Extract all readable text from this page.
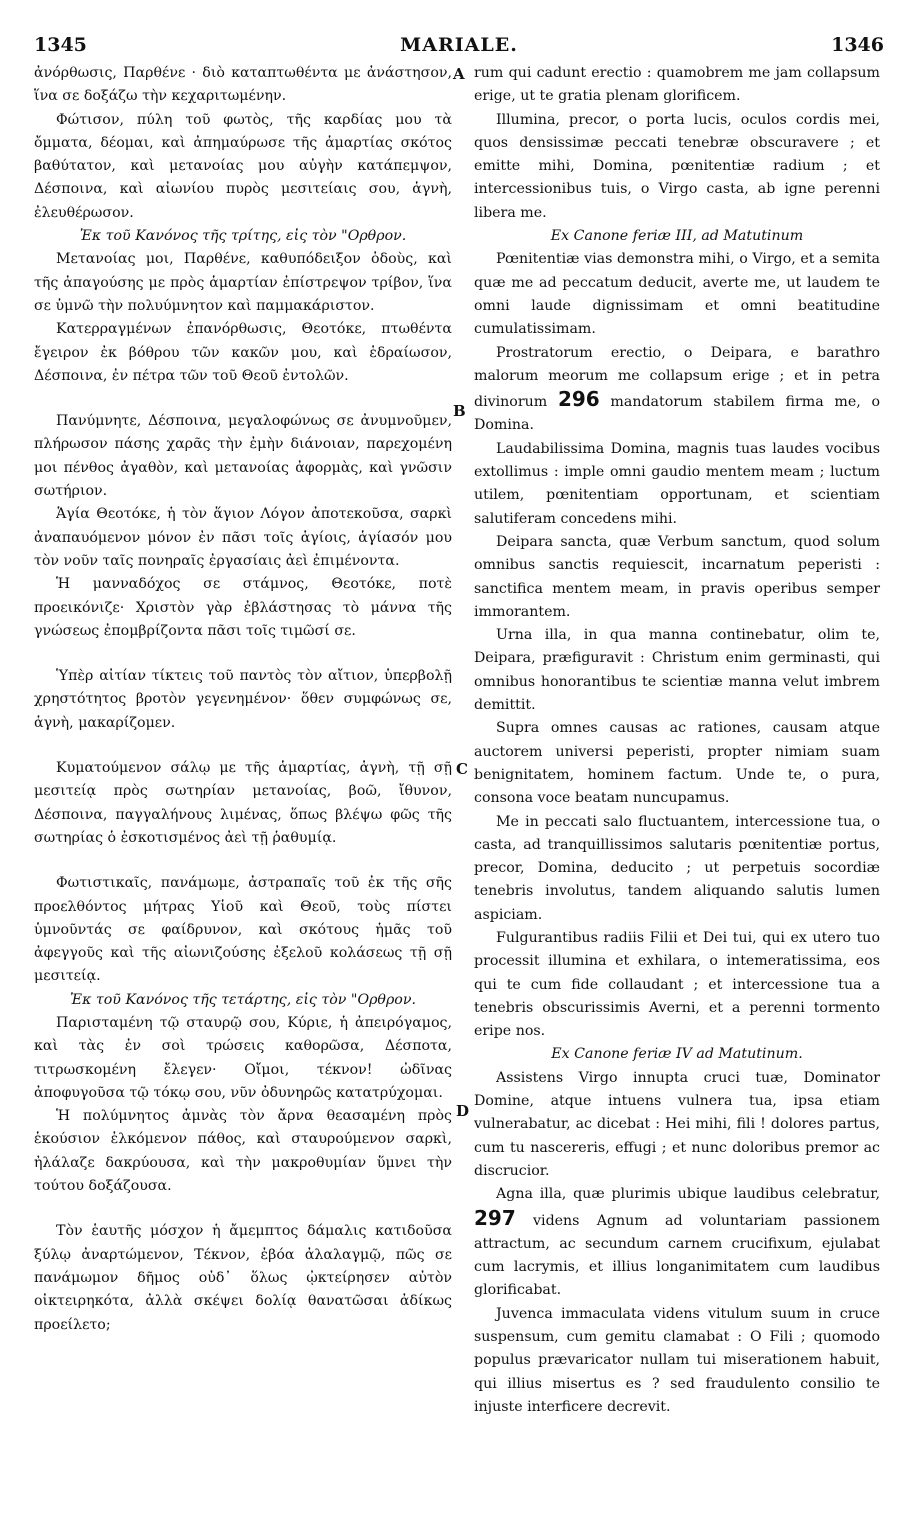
1345	MARIALE.	1346
A
B
C
D

ἀνόρθωσις, Παρθένε · διὸ καταπτωθέντα με ἀνάστησον, ἵνα σε δοξάζω τὴν κεχαριτωμένην.

Φώτισον, πύλη τοῦ φωτὸς, τῆς καρδίας μου τὰ ὄμματα, δέομαι, καὶ ἀπημαύρωσε τῆς ἁμαρτίας σκότος βαθύτατον, καὶ μετανοίας μου αὐγὴν κατάπεμψον, Δέσποινα, καὶ αἰωνίου πυρὸς μεσιτείαις σου, ἁγνὴ, ἐλευθέρωσον.

Ἐκ τοῦ Κανόνος τῆς τρίτης, εἰς τὸν "Ορθρον.

Μετανοίας μοι, Παρθένε, καθυπόδειξον ὁδοὺς, καὶ τῆς ἀπαγούσης με πρὸς ἁμαρτίαν ἐπίστρεψον τρίβον, ἵνα σε ὑμνῶ τὴν πολυύμνητον καὶ παμμακάριστον.

Κατερραγμένων ἐπανόρθωσις, Θεοτόκε, πτωθέντα ἔγειρον ἐκ βόθρου τῶν κακῶν μου, καὶ ἑδραίωσον, Δέσποινα, ἐν πέτρα τῶν τοῦ Θεοῦ ἐντολῶν.

Πανύμνητε, Δέσποινα, μεγαλοφώνως σε ἀνυμνοῦμεν, πλήρωσον πάσης χαρᾶς τὴν ἐμὴν διάνοιαν, παρεχομένη μοι πένθος ἀγαθὸν, καὶ μετανοίας ἀφορμὰς, καὶ γνῶσιν σωτήριον.

Ἁγία Θεοτόκε, ἡ τὸν ἅγιον Λόγον ἀποτεκοῦσα, σαρκὶ ἀναπαυόμενον μόνον ἐν πᾶσι τοῖς ἁγίοις, ἁγίασόν μου τὸν νοῦν ταῖς πονηραῖς ἐργασίαις ἀεὶ ἐπιμένοντα.

Ἡ μανναδόχος σε στάμνος, Θεοτόκε, ποτὲ προεικόνιζε· Χριστὸν γὰρ ἐβλάστησας τὸ μάννα τῆς γνώσεως ἐπομβρίζοντα πᾶσι τοῖς τιμῶσί σε.

Ὑπὲρ αἰτίαν τίκτεις τοῦ παντὸς τὸν αἴτιον, ὑπερβολῇ χρηστότητος βροτὸν γεγενημένον· ὅθεν συμφώνως σε, ἁγνὴ, μακαρίζομεν.

Κυματούμενον σάλῳ με τῆς ἁμαρτίας, ἁγνὴ, τῇ σῇ μεσιτείᾳ πρὸς σωτηρίαν μετανοίας, βοῶ, ἴθυνον, Δέσποινα, παγγαλήνους λιμένας, ὅπως βλέψω φῶς τῆς σωτηρίας ὁ ἐσκοτισμένος ἀεὶ τῇ ῥαθυμίᾳ.

Φωτιστικαῖς, πανάμωμε, ἀστραπαῖς τοῦ ἐκ τῆς σῆς προελθόντος μήτρας Υἱοῦ καὶ Θεοῦ, τοὺς πίστει ὑμνοῦντάς σε φαίδρυνον, καὶ σκότους ἡμᾶς τοῦ ἀφεγγοῦς καὶ τῆς αἰωνιζούσης ἐξελοῦ κολάσεως τῇ σῇ μεσιτείᾳ.

Ἐκ τοῦ Κανόνος τῆς τετάρτης, εἰς τὸν "Ορθρον.

Παρισταμένη τῷ σταυρῷ σου, Κύριε, ἡ ἀπειρόγαμος, καὶ τὰς ἐν σοὶ τρώσεις καθορῶσα, Δέσποτα, τιτρωσκομένη ἔλεγεν· Οἴμοι, τέκνον! ὠδῖνας ἀποφυγοῦσα τῷ τόκῳ σου, νῦν ὀδυνηρῶς κατατρύχομαι.

Ἡ πολύμνητος ἀμνὰς τὸν ἄρνα θεασαμένη πρὸς ἑκούσιον ἑλκόμενον πάθος, καὶ σταυρούμενον σαρκὶ, ἠλάλαζε δακρύουσα, καὶ τὴν μακροθυμίαν ὕμνει τὴν τούτου δοξάζουσα.

Τὸν ἑαυτῆς μόσχον ἡ ἄμεμπτος δάμαλις κατιδοῦσα ξύλῳ ἀναρτώμενον, Τέκνον, ἐβόα ἀλαλαγμῷ, πῶς σε πανάμωμον δῆμος οὐδ᾽ ὅλως ᾠκτείρησεν αὐτὸν οἰκτειρηκότα, ἀλλὰ σκέψει δολίᾳ θανατῶσαι ἀδίκως προείλετο;

rum qui cadunt erectio : quamobrem me jam collapsum erige, ut te gratia plenam glorificem.

Illumina, precor, o porta lucis, oculos cordis mei, quos densissimæ peccati tenebræ obscuravere ; et emitte mihi, Domina, pœnitentiæ radium ; et intercessionibus tuis, o Virgo casta, ab igne perenni libera me.

Ex Canone feriæ III, ad Matutinum

Pœnitentiæ vias demonstra mihi, o Virgo, et a semita quæ me ad peccatum deducit, averte me, ut laudem te omni laude dignissimam et omni beatitudine cumulatissimam.

Prostratorum erectio, o Deipara, e barathro malorum meorum me collapsum erige ; et in petra divinorum 296 mandatorum stabilem firma me, o Domina.

Laudabilissima Domina, magnis tuas laudes vocibus extollimus : imple omni gaudio mentem meam ; luctum utilem, pœnitentiam opportunam, et scientiam salutiferam concedens mihi.

Deipara sancta, quæ Verbum sanctum, quod solum omnibus sanctis requiescit, incarnatum peperisti : sanctifica mentem meam, in pravis operibus semper immorantem.

Urna illa, in qua manna continebatur, olim te, Deipara, præfiguravit : Christum enim germinasti, qui omnibus honorantibus te scientiæ manna velut imbrem demittit.

Supra omnes causas ac rationes, causam atque auctorem universi peperisti, propter nimiam suam benignitatem, hominem factum. Unde te, o pura, consona voce beatam nuncupamus.

Me in peccati salo fluctuantem, intercessione tua, o casta, ad tranquillissimos salutaris pœnitentiæ portus, precor, Domina, deducito ; ut perpetuis socordiæ tenebris involutus, tandem aliquando salutis lumen aspiciam.

Fulgurantibus radiis Filii et Dei tui, qui ex utero tuo processit illumina et exhilara, o intemeratissima, eos qui te cum fide collaudant ; et intercessione tua a tenebris obscurissimis Averni, et a perenni tormento eripe nos.

Ex Canone feriæ IV ad Matutinum.

Assistens Virgo innupta cruci tuæ, Dominator Domine, atque intuens vulnera tua, ipsa etiam vulnerabatur, ac dicebat : Hei mihi, fili ! dolores partus, cum tu nascereris, effugi ; et nunc doloribus premor ac discrucior.

Agna illa, quæ plurimis ubique laudibus celebratur, 297 videns Agnum ad voluntariam passionem attractum, ac secundum carnem crucifixum, ejulabat cum lacrymis, et illius longanimitatem cum laudibus glorificabat.

Juvenca immaculata videns vitulum suum in cruce suspensum, cum gemitu clamabat : O Fili ; quomodo populus prævaricator nullam tui miserationem habuit, qui illius misertus es ? sed fraudulento consilio te injuste interficere decrevit.
